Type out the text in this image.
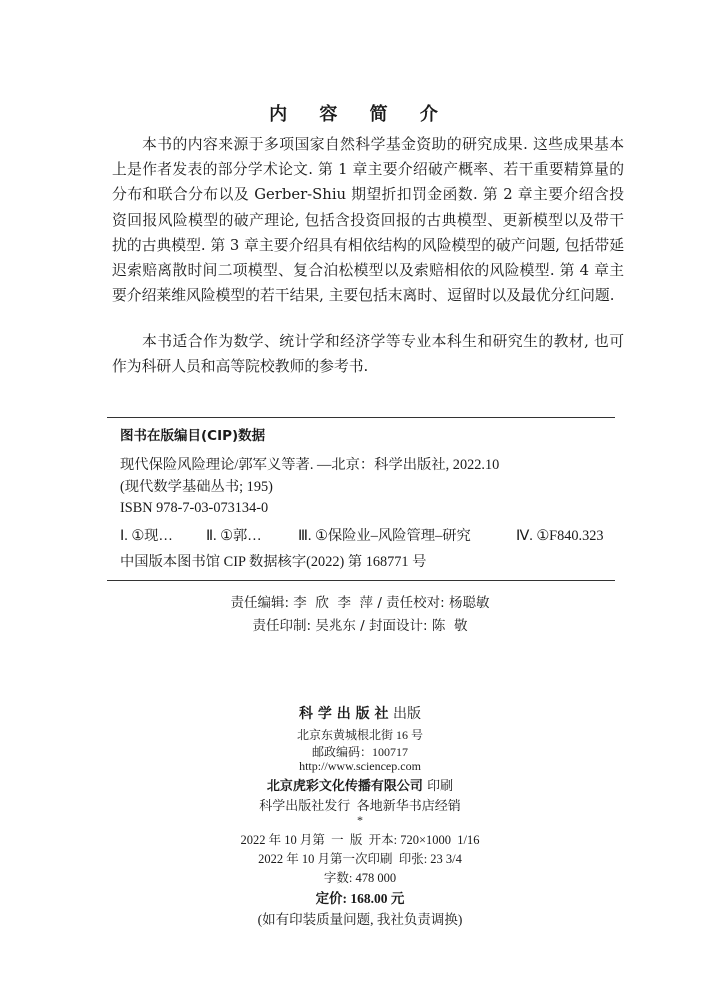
内 容 简 介

本书的内容来源于多项国家自然科学基金资助的研究成果. 这些成果基本上是作者发表的部分学术论文. 第 1 章主要介绍破产概率、若干重要精算量的分布和联合分布以及 Gerber-Shiu 期望折扣罚金函数. 第 2 章主要介绍含投资回报风险模型的破产理论, 包括含投资回报的古典模型、更新模型以及带干扰的古典模型. 第 3 章主要介绍具有相依结构的风险模型的破产问题, 包括带延迟索赔离散时间二项模型、复合泊松模型以及索赔相依的风险模型. 第 4 章主要介绍莱维风险模型的若干结果, 主要包括末离时、逗留时以及最优分红问题.

本书适合作为数学、统计学和经济学等专业本科生和研究生的教材, 也可作为科研人员和高等院校教师的参考书.

图书在版编目(CIP)数据
现代保险风险理论/郭军义等著. —北京：科学出版社, 2022.10
(现代数学基础丛书; 195)
ISBN 978-7-03-073134-0
Ⅰ. ①现… Ⅱ. ①郭…	Ⅲ. ①保险业–风险管理–研究	Ⅳ. ①F840.323
中国版本图书馆 CIP 数据核字(2022) 第 168771 号
责任编辑: 李  欣  李  萍 / 责任校对: 杨聪敏
责任印制: 吴兆东 / 封面设计: 陈  敬
科 学 出 版 社 出版
北京东黄城根北街 16 号
邮政编码：100717
http://www.sciencep.com
北京虎彩文化传播有限公司 印刷
科学出版社发行  各地新华书店经销
*
2022 年 10 月第  一  版  开本: 720×1000  1/16
2022 年 10 月第一次印刷  印张: 23 3/4
字数: 478 000
定价: 168.00 元
(如有印装质量问题, 我社负责调换)
